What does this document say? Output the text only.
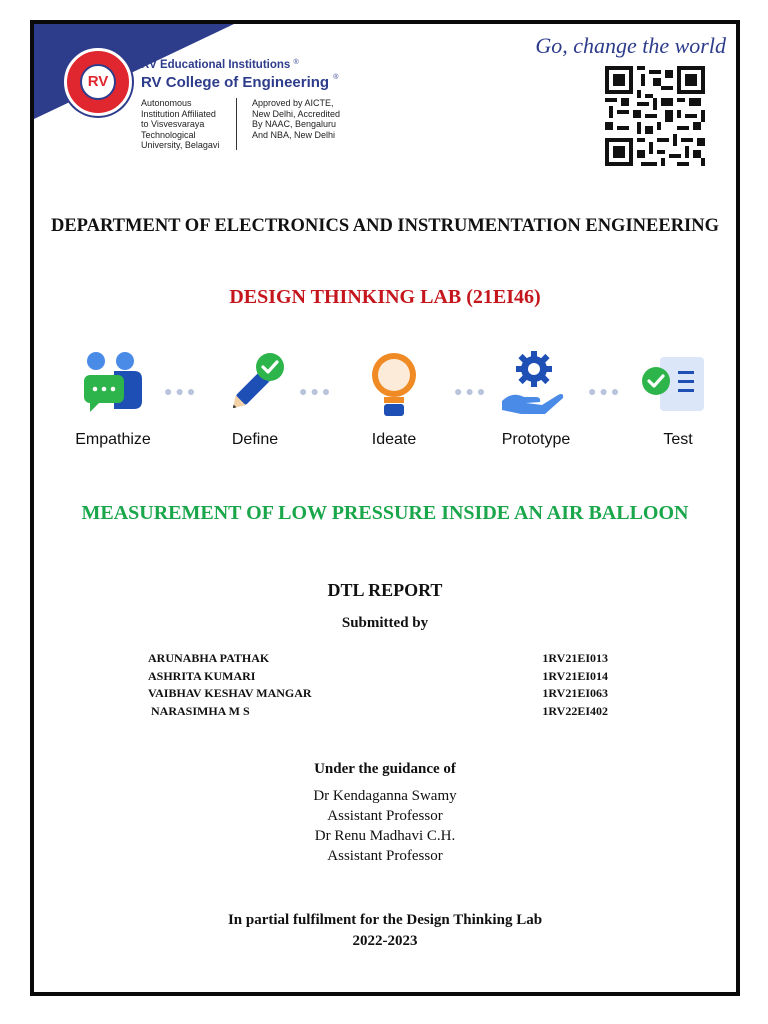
RV
RV Educational Institutions ®
RV College of Engineering ®
Autonomous
Institution Affiliated
to Visvesvaraya
Technological
University, Belagavi
Approved by AICTE,
New Delhi, Accredited
By NAAC, Bengaluru
And NBA, New Delhi
Go, change the world
DEPARTMENT OF ELECTRONICS AND INSTRUMENTATION ENGINEERING
DESIGN THINKING LAB (21EI46)
●●●	●●●	●●●	●●●
Empathize	Define	Ideate	Prototype	Test
MEASUREMENT OF LOW PRESSURE INSIDE AN AIR BALLOON
DTL REPORT
Submitted by
ARUNABHA PATHAK	1RV21EI013
ASHRITA KUMARI	1RV21EI014
VAIBHAV KESHAV MANGAR	1RV21EI063
NARASIMHA M S	1RV22EI402
Under the guidance of
Dr Kendaganna Swamy
Assistant Professor
Dr Renu Madhavi C.H.
Assistant Professor
In partial fulfilment for the Design Thinking Lab
2022-2023
